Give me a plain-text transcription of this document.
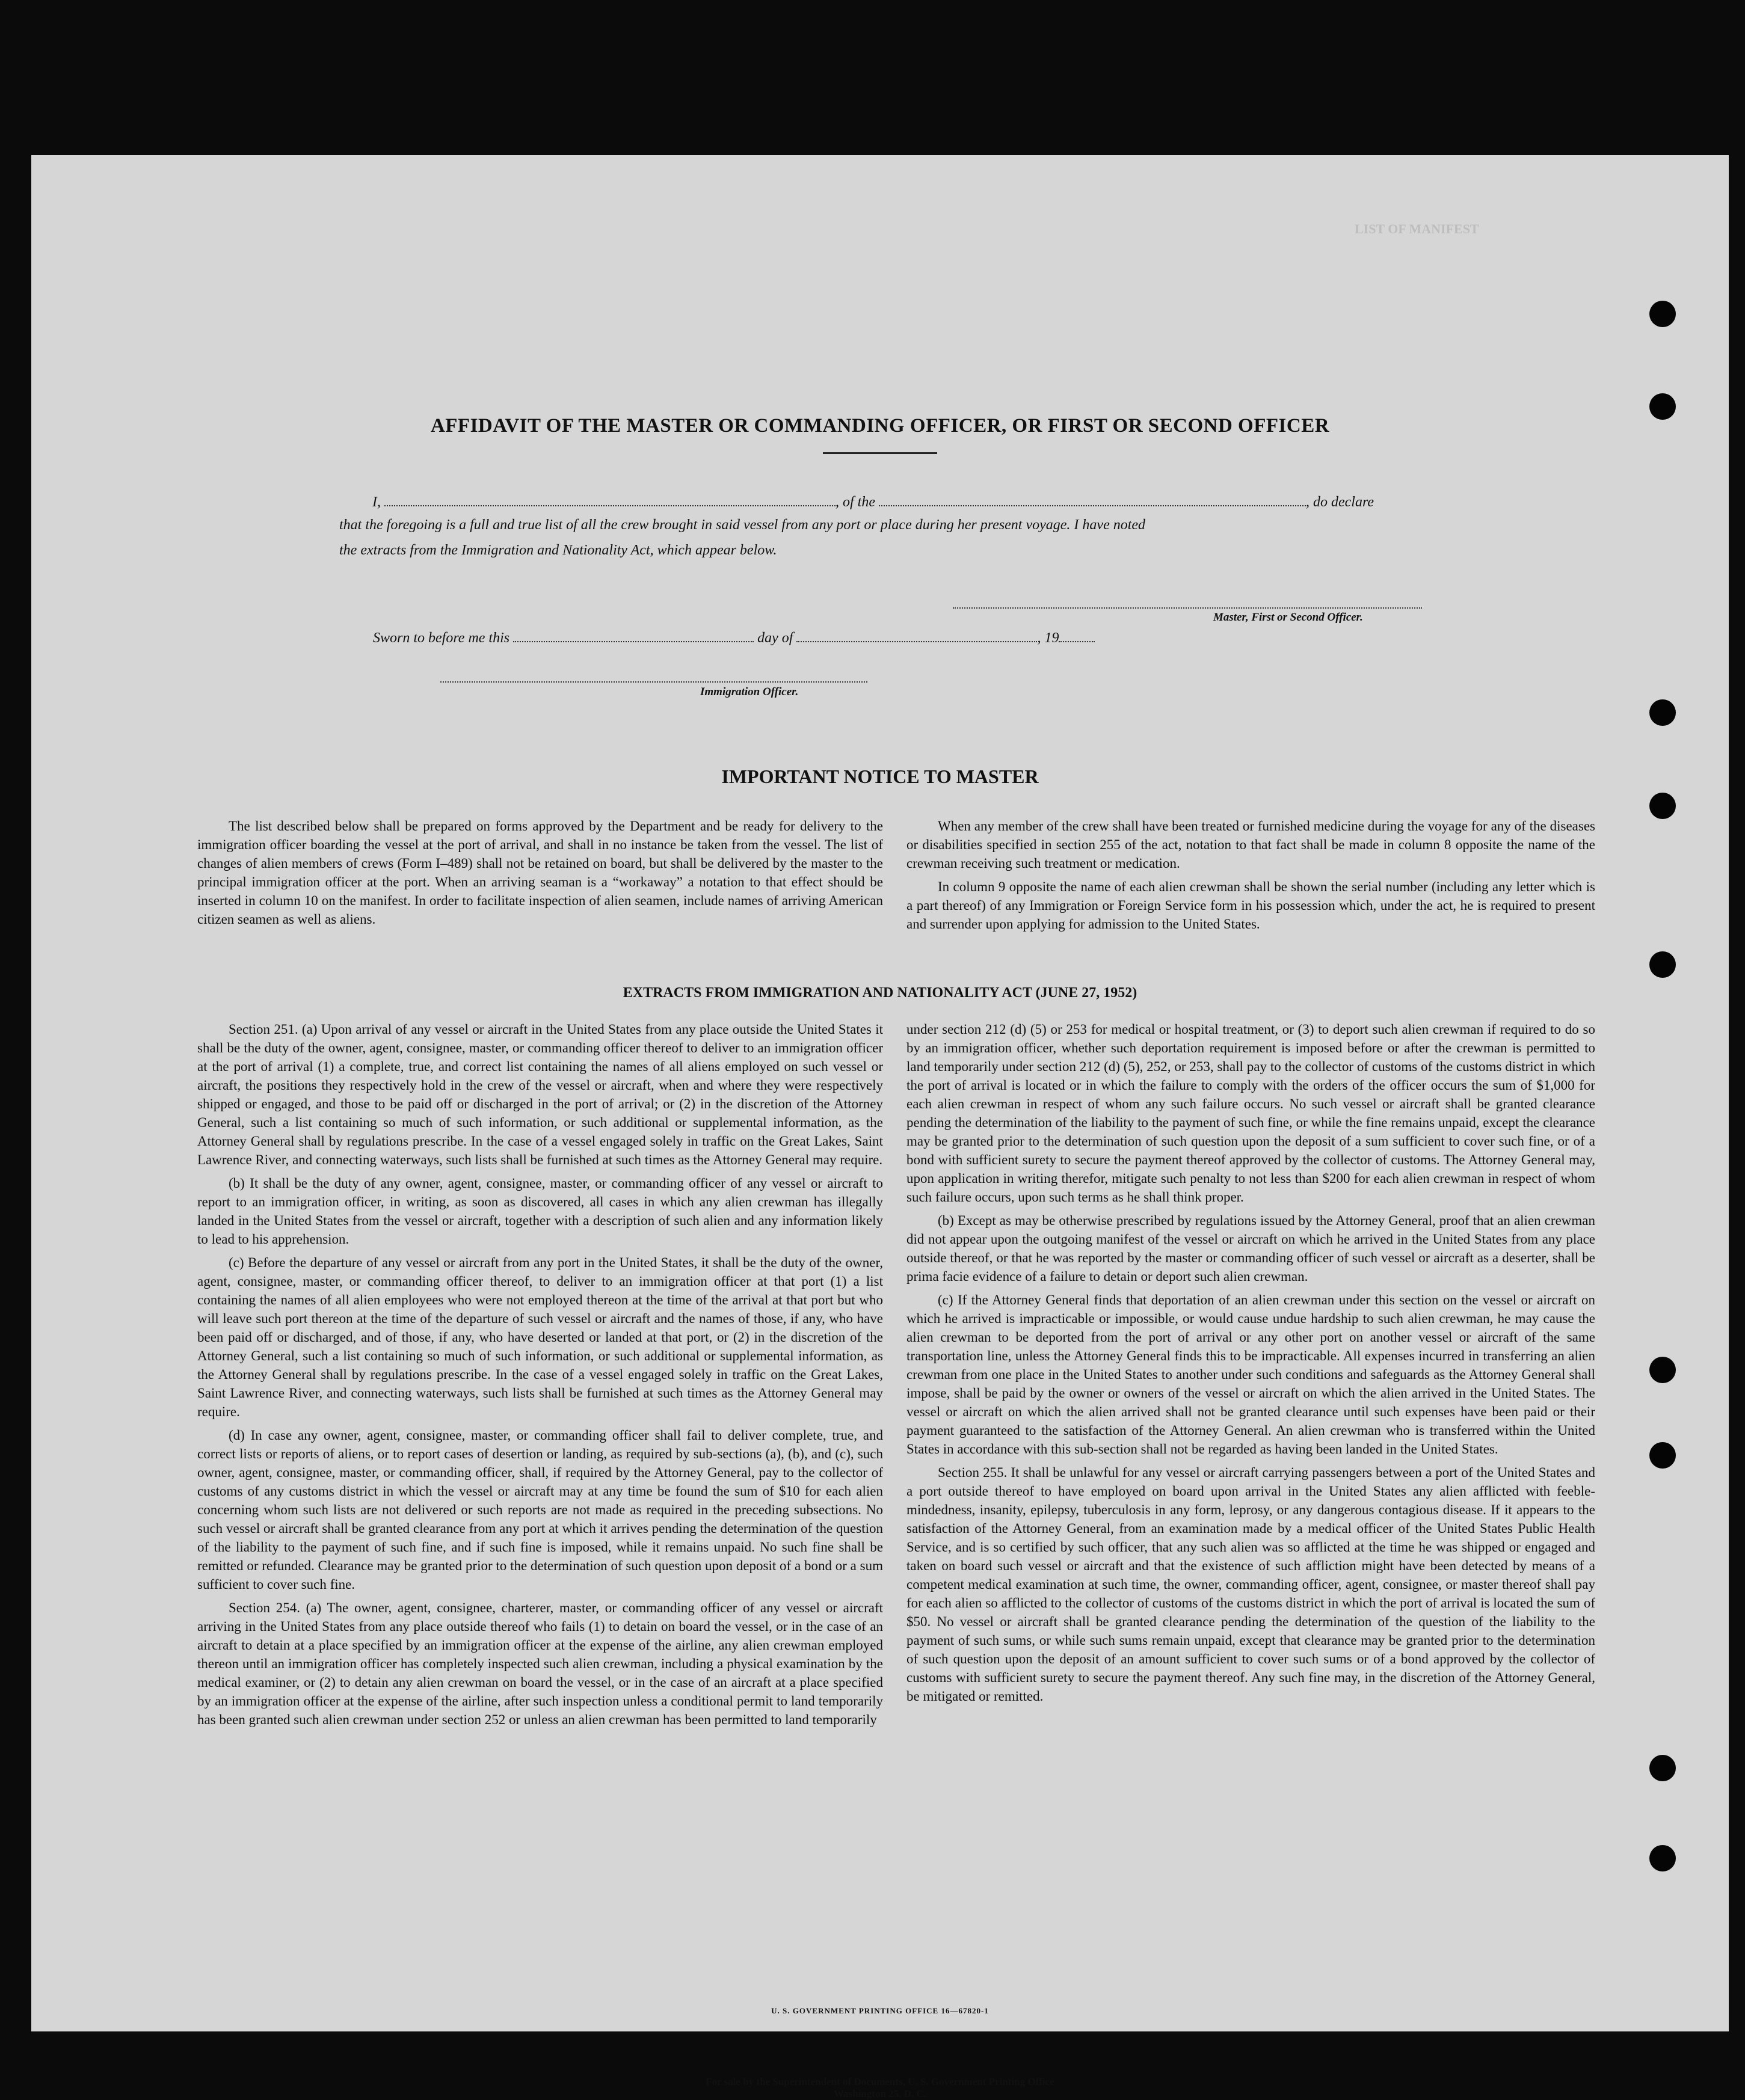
LIST OF MANIFEST
AFFIDAVIT OF THE MASTER OR COMMANDING OFFICER, OR FIRST OR SECOND OFFICER
I,	, of the	, do declare
that the foregoing is a full and true list of all the crew brought in said vessel from any port or place during her present voyage. I have noted
the extracts from the Immigration and Nationality Act, which appear below.
Master, First or Second Officer.
Sworn to before me this	day of	, 19
Immigration Officer.
IMPORTANT NOTICE TO MASTER

The list described below shall be prepared on forms approved by the Department and be ready for delivery to the immigration officer boarding the vessel at the port of arrival, and shall in no instance be taken from the vessel. The list of changes of alien members of crews (Form I–489) shall not be retained on board, but shall be delivered by the master to the principal immigration officer at the port. When an arriving seaman is a “workaway” a notation to that effect should be inserted in column 10 on the manifest. In order to facilitate inspection of alien seamen, include names of arriving American citizen seamen as well as aliens.

When any member of the crew shall have been treated or furnished medicine during the voyage for any of the diseases or disabilities specified in section 255 of the act, notation to that fact shall be made in column 8 opposite the name of the crewman receiving such treatment or medication.

In column 9 opposite the name of each alien crewman shall be shown the serial number (including any letter which is a part thereof) of any Immigration or Foreign Service form in his possession which, under the act, he is required to present and surrender upon applying for admission to the United States.

EXTRACTS FROM IMMIGRATION AND NATIONALITY ACT (JUNE 27, 1952)

Section 251. (a) Upon arrival of any vessel or aircraft in the United States from any place outside the United States it shall be the duty of the owner, agent, consignee, master, or commanding officer thereof to deliver to an immigration officer at the port of arrival (1) a complete, true, and correct list containing the names of all aliens employed on such vessel or aircraft, the positions they respectively hold in the crew of the vessel or aircraft, when and where they were respectively shipped or engaged, and those to be paid off or discharged in the port of arrival; or (2) in the discretion of the Attorney General, such a list containing so much of such information, or such additional or supplemental information, as the Attorney General shall by regulations prescribe. In the case of a vessel engaged solely in traffic on the Great Lakes, Saint Lawrence River, and connecting waterways, such lists shall be furnished at such times as the Attorney General may require.

(b) It shall be the duty of any owner, agent, consignee, master, or commanding officer of any vessel or aircraft to report to an immigration officer, in writing, as soon as discovered, all cases in which any alien crewman has illegally landed in the United States from the vessel or aircraft, together with a description of such alien and any information likely to lead to his apprehension.

(c) Before the departure of any vessel or aircraft from any port in the United States, it shall be the duty of the owner, agent, consignee, master, or commanding officer thereof, to deliver to an immigration officer at that port (1) a list containing the names of all alien employees who were not employed thereon at the time of the arrival at that port but who will leave such port thereon at the time of the departure of such vessel or aircraft and the names of those, if any, who have been paid off or discharged, and of those, if any, who have deserted or landed at that port, or (2) in the discretion of the Attorney General, such a list containing so much of such information, or such additional or supplemental information, as the Attorney General shall by regulations prescribe. In the case of a vessel engaged solely in traffic on the Great Lakes, Saint Lawrence River, and connecting waterways, such lists shall be furnished at such times as the Attorney General may require.

(d) In case any owner, agent, consignee, master, or commanding officer shall fail to deliver complete, true, and correct lists or reports of aliens, or to report cases of desertion or landing, as required by sub-sections (a), (b), and (c), such owner, agent, consignee, master, or commanding officer, shall, if required by the Attorney General, pay to the collector of customs of any customs district in which the vessel or aircraft may at any time be found the sum of $10 for each alien concerning whom such lists are not delivered or such reports are not made as required in the preceding subsections. No such vessel or aircraft shall be granted clearance from any port at which it arrives pending the determination of the question of the liability to the payment of such fine, and if such fine is imposed, while it remains unpaid. No such fine shall be remitted or refunded. Clearance may be granted prior to the determination of such question upon deposit of a bond or a sum sufficient to cover such fine.

Section 254. (a) The owner, agent, consignee, charterer, master, or commanding officer of any vessel or aircraft arriving in the United States from any place outside thereof who fails (1) to detain on board the vessel, or in the case of an aircraft to detain at a place specified by an immigration officer at the expense of the airline, any alien crewman employed thereon until an immigration officer has completely inspected such alien crewman, including a physical examination by the medical examiner, or (2) to detain any alien crewman on board the vessel, or in the case of an aircraft at a place specified by an immigration officer at the expense of the airline, after such inspection unless a conditional permit to land temporarily has been granted such alien crewman under section 252 or unless an alien crewman has been permitted to land temporarily

under section 212 (d) (5) or 253 for medical or hospital treatment, or (3) to deport such alien crewman if required to do so by an immigration officer, whether such deportation requirement is imposed before or after the crewman is permitted to land temporarily under section 212 (d) (5), 252, or 253, shall pay to the collector of customs of the customs district in which the port of arrival is located or in which the failure to comply with the orders of the officer occurs the sum of $1,000 for each alien crewman in respect of whom any such failure occurs. No such vessel or aircraft shall be granted clearance pending the determination of the liability to the payment of such fine, or while the fine remains unpaid, except the clearance may be granted prior to the determination of such question upon the deposit of a sum sufficient to cover such fine, or of a bond with sufficient surety to secure the payment thereof approved by the collector of customs. The Attorney General may, upon application in writing therefor, mitigate such penalty to not less than $200 for each alien crewman in respect of whom such failure occurs, upon such terms as he shall think proper.

(b) Except as may be otherwise prescribed by regulations issued by the Attorney General, proof that an alien crewman did not appear upon the outgoing manifest of the vessel or aircraft on which he arrived in the United States from any place outside thereof, or that he was reported by the master or commanding officer of such vessel or aircraft as a deserter, shall be prima facie evidence of a failure to detain or deport such alien crewman.

(c) If the Attorney General finds that deportation of an alien crewman under this section on the vessel or aircraft on which he arrived is impracticable or impossible, or would cause undue hardship to such alien crewman, he may cause the alien crewman to be deported from the port of arrival or any other port on another vessel or aircraft of the same transportation line, unless the Attorney General finds this to be impracticable. All expenses incurred in transferring an alien crewman from one place in the United States to another under such conditions and safeguards as the Attorney General shall impose, shall be paid by the owner or owners of the vessel or aircraft on which the alien arrived in the United States. The vessel or aircraft on which the alien arrived shall not be granted clearance until such expenses have been paid or their payment guaranteed to the satisfaction of the Attorney General. An alien crewman who is transferred within the United States in accordance with this sub-section shall not be regarded as having been landed in the United States.

Section 255. It shall be unlawful for any vessel or aircraft carrying passengers between a port of the United States and a port outside thereof to have employed on board upon arrival in the United States any alien afflicted with feeble-mindedness, insanity, epilepsy, tuberculosis in any form, leprosy, or any dangerous contagious disease. If it appears to the satisfaction of the Attorney General, from an examination made by a medical officer of the United States Public Health Service, and is so certified by such officer, that any such alien was so afflicted at the time he was shipped or engaged and taken on board such vessel or aircraft and that the existence of such affliction might have been detected by means of a competent medical examination at such time, the owner, commanding officer, agent, consignee, or master thereof shall pay for each alien so afflicted to the collector of customs of the customs district in which the port of arrival is located the sum of $50. No vessel or aircraft shall be granted clearance pending the determination of the question of the liability to the payment of such sums, or while such sums remain unpaid, except that clearance may be granted prior to the determination of such question upon the deposit of an amount sufficient to cover such sums or of a bond approved by the collector of customs with sufficient surety to secure the payment thereof. Any such fine may, in the discretion of the Attorney General, be mitigated or remitted.

U. S. GOVERNMENT PRINTING OFFICE 16—67820-1
For sale by the Superintendent of Documents, U. S. Government Printing Office
Washington 25, D. C.
